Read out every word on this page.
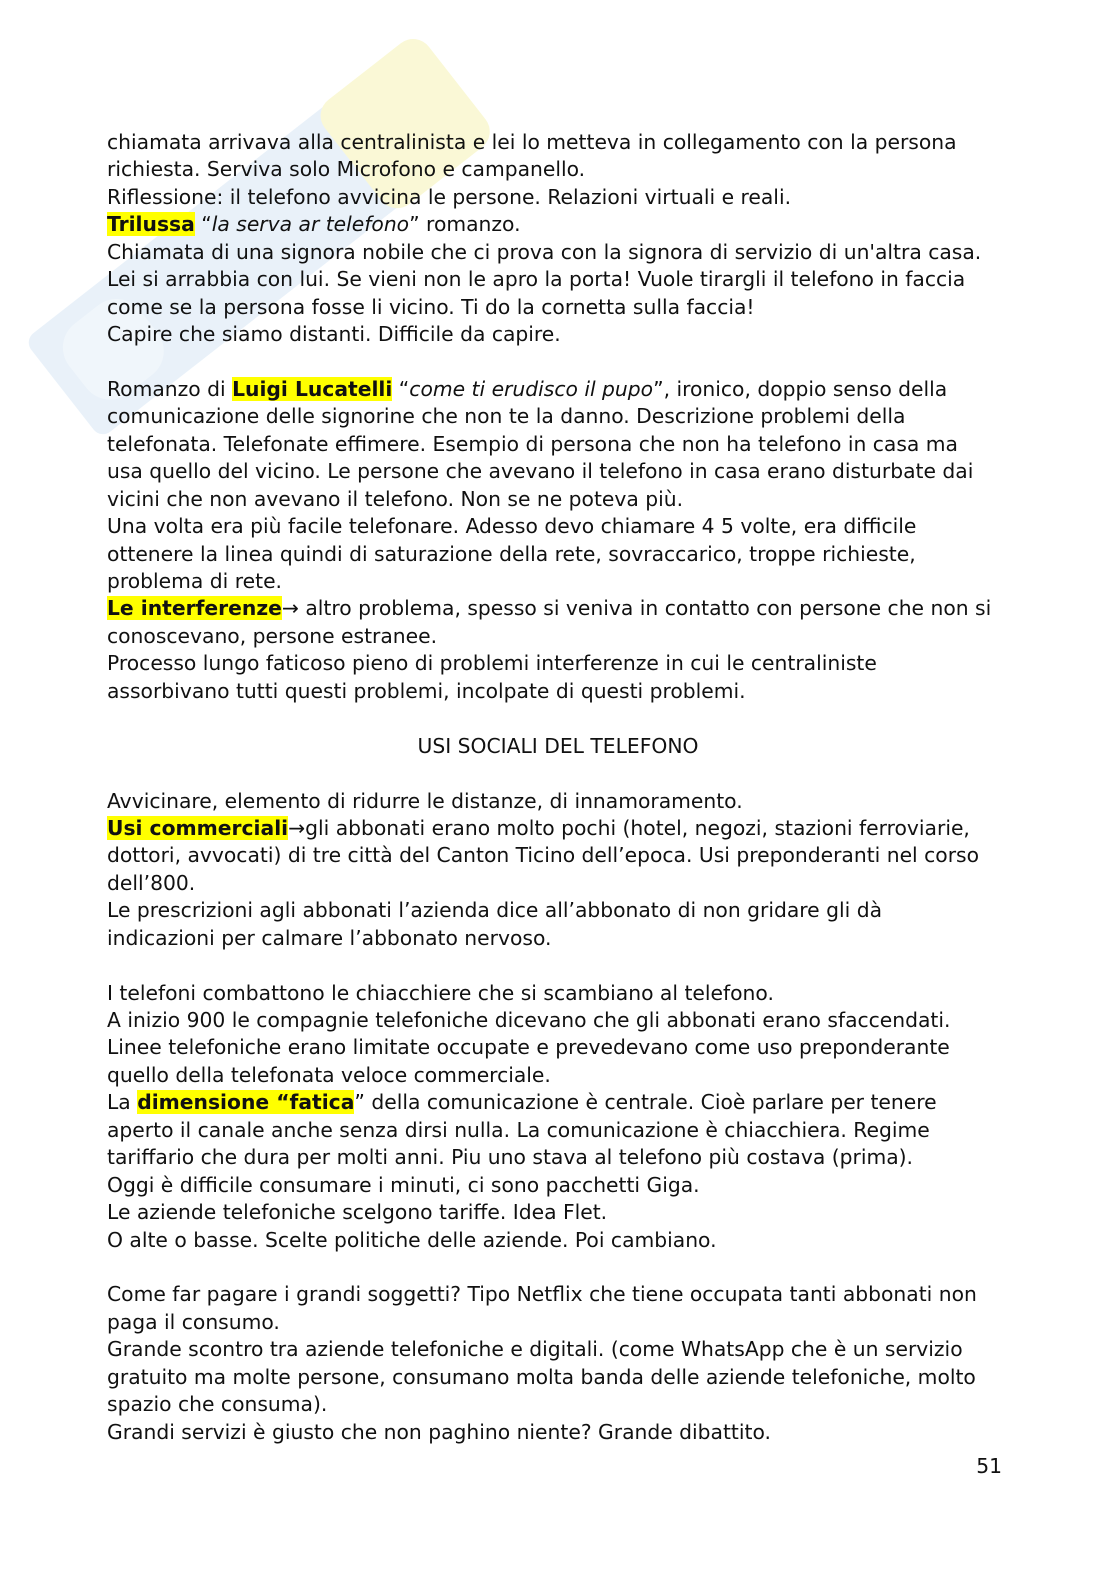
chiamata arrivava alla centralinista e lei lo metteva in collegamento con la persona
richiesta. Serviva solo Microfono e campanello.
Riflessione: il telefono avvicina le persone. Relazioni virtuali e reali.
Trilussa “la serva ar telefono” romanzo.
Chiamata di una signora nobile che ci prova con la signora di servizio di un'altra casa.
Lei si arrabbia con lui. Se vieni non le apro la porta! Vuole tirargli il telefono in faccia
come se la persona fosse li vicino. Ti do la cornetta sulla faccia!
Capire che siamo distanti. Difficile da capire.
Romanzo di Luigi Lucatelli “come ti erudisco il pupo”, ironico, doppio senso della
comunicazione delle signorine che non te la danno. Descrizione problemi della
telefonata. Telefonate effimere. Esempio di persona che non ha telefono in casa ma
usa quello del vicino. Le persone che avevano il telefono in casa erano disturbate dai
vicini che non avevano il telefono. Non se ne poteva più.
Una volta era più facile telefonare. Adesso devo chiamare 4 5 volte, era difficile
ottenere la linea quindi di saturazione della rete, sovraccarico, troppe richieste,
problema di rete.
Le interferenze→ altro problema, spesso si veniva in contatto con persone che non si
conoscevano, persone estranee.
Processo lungo faticoso pieno di problemi interferenze in cui le centraliniste
assorbivano tutti questi problemi, incolpate di questi problemi.
USI SOCIALI DEL TELEFONO
Avvicinare, elemento di ridurre le distanze, di innamoramento.
Usi commerciali→gli abbonati erano molto pochi (hotel, negozi, stazioni ferroviarie,
dottori, avvocati) di tre città del Canton Ticino dell’epoca. Usi preponderanti nel corso
dell’800.
Le prescrizioni agli abbonati l’azienda dice all’abbonato di non gridare gli dà
indicazioni per calmare l’abbonato nervoso.
I telefoni combattono le chiacchiere che si scambiano al telefono.
A inizio 900 le compagnie telefoniche dicevano che gli abbonati erano sfaccendati.
Linee telefoniche erano limitate occupate e prevedevano come uso preponderante
quello della telefonata veloce commerciale.
La dimensione “fatica” della comunicazione è centrale. Cioè parlare per tenere
aperto il canale anche senza dirsi nulla. La comunicazione è chiacchiera. Regime
tariffario che dura per molti anni. Piu uno stava al telefono più costava (prima).
Oggi è difficile consumare i minuti, ci sono pacchetti Giga.
Le aziende telefoniche scelgono tariffe. Idea Flet.
O alte o basse. Scelte politiche delle aziende. Poi cambiano.
Come far pagare i grandi soggetti? Tipo Netflix che tiene occupata tanti abbonati non
paga il consumo.
Grande scontro tra aziende telefoniche e digitali. (come WhatsApp che è un servizio
gratuito ma molte persone, consumano molta banda delle aziende telefoniche, molto
spazio che consuma).
Grandi servizi è giusto che non paghino niente? Grande dibattito.
51
